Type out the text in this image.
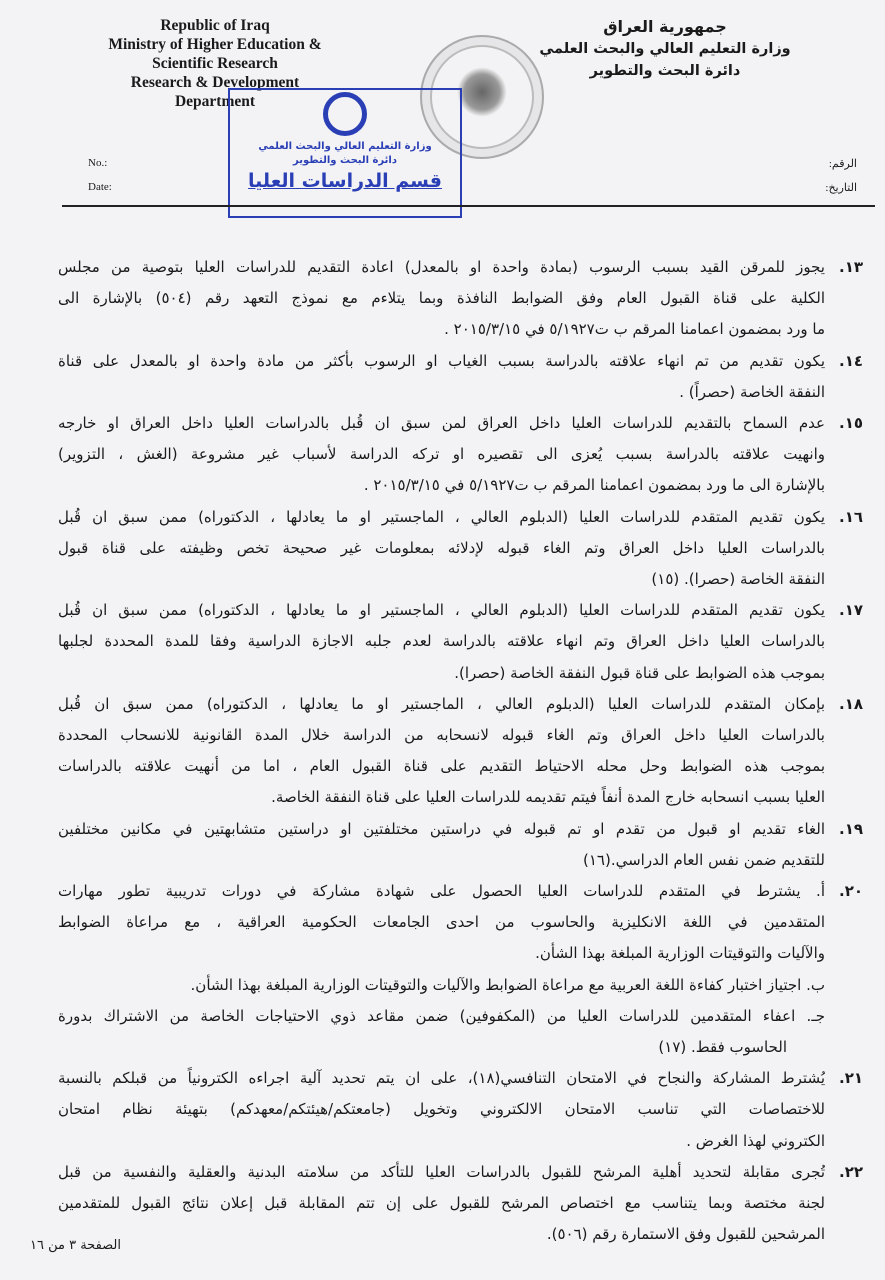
Republic of Iraq
Ministry of Higher Education &
Scientific Research
Research & Development
Department
جمهورية العراق
وزارة التعليم العالي والبحث العلمي
دائرة البحث والتطوير
وزارة التعليم العالي والبحث العلمي
دائرة البحث والتطوير
قسم الدراسات العليا
No.:
Date:
الرقم:
التاريخ:
١٣.
يجوز للمرقن القيد بسبب الرسوب (بمادة واحدة او بالمعدل) اعادة التقديم للدراسات العليا بتوصية من مجلس
الكلية على قناة القبول العام وفق الضوابط النافذة وبما يتلاءم مع نموذج التعهد رقم (٥٠٤) بالإشارة الى
ما ورد بمضمون اعمامنا المرقم ب ت٥/١٩٢٧ في ٢٠١٥/٣/١٥ .
١٤.
يكون تقديم من تم انهاء علاقته بالدراسة بسبب الغياب او الرسوب بأكثر من مادة واحدة او بالمعدل على قناة
النفقة الخاصة (حصراً) .
١٥.
عدم السماح بالتقديم للدراسات العليا داخل العراق لمن سبق ان قُبل بالدراسات العليا داخل العراق او خارجه
وانهيت علاقته بالدراسة بسبب يُعزى الى تقصيره او تركه الدراسة لأسباب غير مشروعة (الغش ، التزوير)
بالإشارة الى ما ورد بمضمون اعمامنا المرقم ب ت٥/١٩٢٧ في ٢٠١٥/٣/١٥ .
١٦.
يكون تقديم المتقدم للدراسات العليا (الدبلوم العالي ، الماجستير او ما يعادلها ، الدكتوراه) ممن سبق ان قُبل
بالدراسات العليا داخل العراق وتم الغاء قبوله لإدلائه بمعلومات غير صحيحة تخص وظيفته على قناة قبول
النفقة الخاصة (حصرا). (١٥)
١٧.
يكون تقديم المتقدم للدراسات العليا (الدبلوم العالي ، الماجستير او ما يعادلها ، الدكتوراه) ممن سبق ان قُبل
بالدراسات العليا داخل العراق وتم انهاء علاقته بالدراسة لعدم جلبه الاجازة الدراسية وفقا للمدة المحددة لجلبها
بموجب هذه الضوابط على قناة قبول النفقة الخاصة (حصرا).
١٨.
بإمكان المتقدم للدراسات العليا (الدبلوم العالي ، الماجستير او ما يعادلها ، الدكتوراه) ممن سبق ان قُبل
بالدراسات العليا داخل العراق وتم الغاء قبوله لانسحابه من الدراسة خلال المدة القانونية للانسحاب المحددة
بموجب هذه الضوابط وحل محله الاحتياط التقديم على قناة القبول العام ، اما من أنهيت علاقته بالدراسات
العليا بسبب انسحابه خارج المدة أنفاً فيتم تقديمه للدراسات العليا على قناة النفقة الخاصة.
١٩.
الغاء تقديم او قبول من تقدم او تم قبوله في دراستين مختلفتين او دراستين متشابهتين في مكانين مختلفين
للتقديم ضمن نفس العام الدراسي.(١٦)
٢٠.
أ. يشترط في المتقدم للدراسات العليا الحصول على شهادة مشاركة في دورات تدريبية تطور مهارات
المتقدمين في اللغة الانكليزية والحاسوب من احدى الجامعات الحكومية العراقية ، مع مراعاة الضوابط
والآليات والتوقيتات الوزارية المبلغة بهذا الشأن.
ب. اجتياز اختبار كفاءة اللغة العربية مع مراعاة الضوابط والآليات والتوقيتات الوزارية المبلغة بهذا الشأن.
جـ. اعفاء المتقدمين للدراسات العليا من (المكفوفين) ضمن مقاعد ذوي الاحتياجات الخاصة من الاشتراك بدورة
الحاسوب فقط. (١٧)
٢١.
يُشترط المشاركة والنجاح في الامتحان التنافسي(١٨)، على ان يتم تحديد آلية اجراءه الكترونياً من قبلكم بالنسبة
للاختصاصات التي تناسب الامتحان الالكتروني وتخويل (جامعتكم/هيئتكم/معهدكم) بتهيئة نظام امتحان
الكتروني لهذا الغرض .
٢٢.
تُجرى مقابلة لتحديد أهلية المرشح للقبول بالدراسات العليا للتأكد من سلامته البدنية والعقلية والنفسية من قبل
لجنة مختصة وبما يتناسب مع اختصاص المرشح للقبول على إن تتم المقابلة قبل إعلان نتائج القبول للمتقدمين
المرشحين للقبول وفق الاستمارة رقم (٥٠٦).
الصفحة ٣ من ١٦
